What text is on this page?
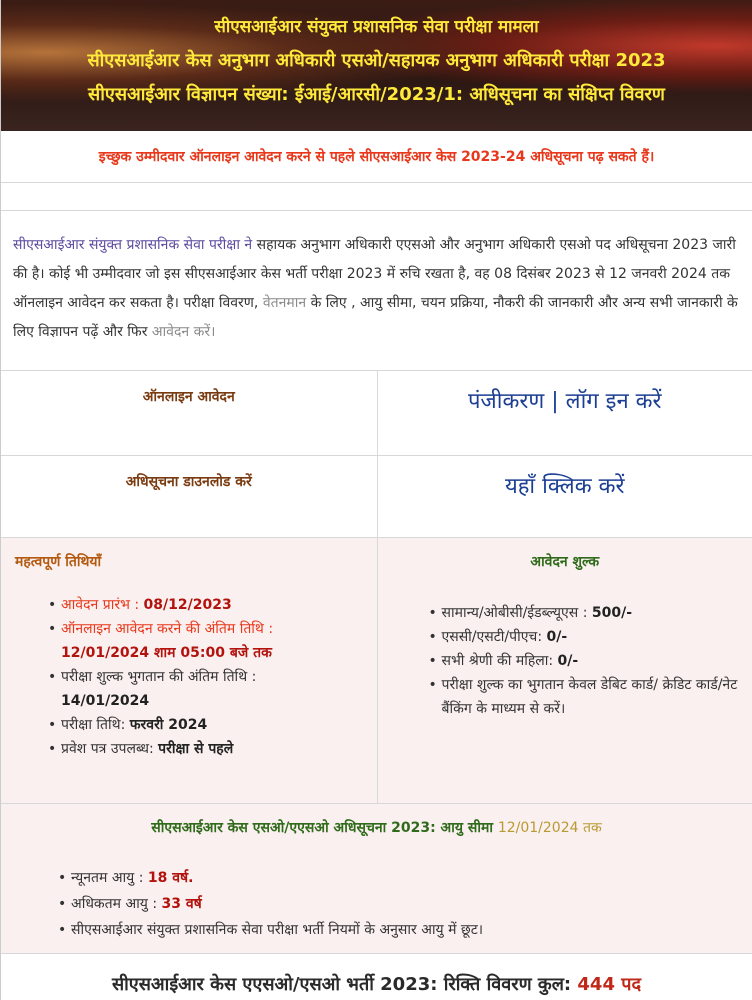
सीएसआईआर संयुक्त प्रशासनिक सेवा परीक्षा मामला
सीएसआईआर केस अनुभाग अधिकारी एसओ/सहायक अनुभाग अधिकारी परीक्षा 2023
सीएसआईआर विज्ञापन संख्या: ईआई/आरसी/2023/1: अधिसूचना का संक्षिप्त विवरण
इच्छुक उम्मीदवार ऑनलाइन आवेदन करने से पहले सीएसआईआर केस 2023-24 अधिसूचना पढ़ सकते हैं।
सीएसआईआर संयुक्त प्रशासनिक सेवा परीक्षा ने सहायक अनुभाग अधिकारी एएसओ और अनुभाग अधिकारी एसओ पद अधिसूचना 2023 जारी की है। कोई भी उम्मीदवार जो इस सीएसआईआर केस भर्ती परीक्षा 2023 में रुचि रखता है, वह 08 दिसंबर 2023 से 12 जनवरी 2024 तक ऑनलाइन आवेदन कर सकता है। परीक्षा विवरण, वेतनमान के लिए , आयु सीमा, चयन प्रक्रिया, नौकरी की जानकारी और अन्य सभी जानकारी के लिए विज्ञापन पढ़ें और फिर आवेदन करें।
ऑनलाइन आवेदन	पंजीकरण | लॉग इन करें
अधिसूचना डाउनलोड करें	यहाँ क्लिक करें
महत्वपूर्ण तिथियाँ
• आवेदन प्रारंभ : 08/12/2023
• ऑनलाइन आवेदन करने की अंतिम तिथि :
12/01/2024 शाम 05:00 बजे तक
• परीक्षा शुल्क भुगतान की अंतिम तिथि :
14/01/2024
• परीक्षा तिथि: फरवरी 2024
• प्रवेश पत्र उपलब्ध: परीक्षा से पहले
आवेदन शुल्क
• सामान्य/ओबीसी/ईडब्ल्यूएस : 500/-
• एससी/एसटी/पीएच: 0/-
• सभी श्रेणी की महिला: 0/-
• परीक्षा शुल्क का भुगतान केवल डेबिट कार्ड/ क्रेडिट कार्ड/नेट बैंकिंग के माध्यम से करें।
सीएसआईआर केस एसओ/एएसओ अधिसूचना 2023: आयु सीमा 12/01/2024 तक
• न्यूनतम आयु : 18 वर्ष.
• अधिकतम आयु : 33 वर्ष
• सीएसआईआर संयुक्त प्रशासनिक सेवा परीक्षा भर्ती नियमों के अनुसार आयु में छूट।
सीएसआईआर केस एएसओ/एसओ भर्ती 2023: रिक्ति विवरण कुल: 444 पद
